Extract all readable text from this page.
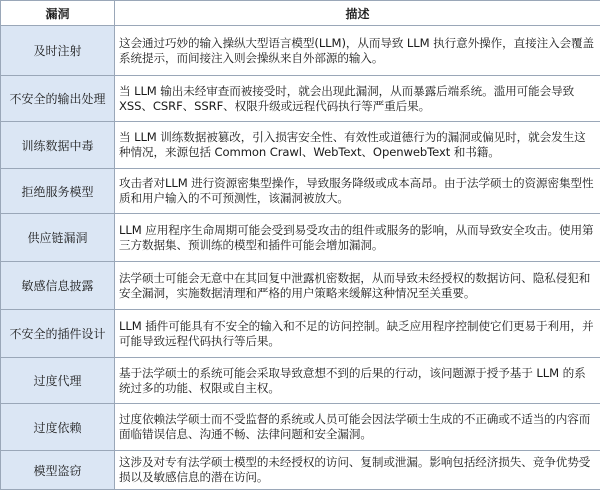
漏洞	描述
及时注射	这会通过巧妙的输入操纵大型语言模型(LLM)，从而导致 LLM 执行意外操作，直接注入会覆盖系统提示，而间接注入则会操纵来自外部源的输入。
不安全的输出处理	当 LLM 输出未经审查而被接受时，就会出现此漏洞，从而暴露后端系统。滥用可能会导致 XSS、CSRF、SSRF、权限升级或远程代码执行等严重后果。
训练数据中毒	当 LLM 训练数据被篡改，引入损害安全性、有效性或道德行为的漏洞或偏见时，就会发生这种情况，来源包括 Common Crawl、WebText、OpenwebText 和书籍。
拒绝服务模型	攻击者对LLM 进行资源密集型操作，导致服务降级或成本高昂。由于法学硕士的资源密集型性质和用户输入的不可预测性，该漏洞被放大。
供应链漏洞	LLM 应用程序生命周期可能会受到易受攻击的组件或服务的影响，从而导致安全攻击。使用第三方数据集、预训练的模型和插件可能会增加漏洞。
敏感信息披露	法学硕士可能会无意中在其回复中泄露机密数据，从而导致未经授权的数据访问、隐私侵犯和安全漏洞，实施数据清理和严格的用户策略来缓解这种情况至关重要。
不安全的插件设计	LLM 插件可能具有不安全的输入和不足的访问控制。缺乏应用程序控制使它们更易于利用，并可能导致远程代码执行等后果。
过度代理	基于法学硕士的系统可能会采取导致意想不到的后果的行动，该问题源于授予基于 LLM 的系统过多的功能、权限或自主权。
过度依赖	过度依赖法学硕士而不受监督的系统或人员可能会因法学硕士生成的不正确或不适当的内容而面临错误信息、沟通不畅、法律问题和安全漏洞。
模型盗窃	这涉及对专有法学硕士模型的未经授权的访问、复制或泄漏。影响包括经济损失、竞争优势受损以及敏感信息的潜在访问。
